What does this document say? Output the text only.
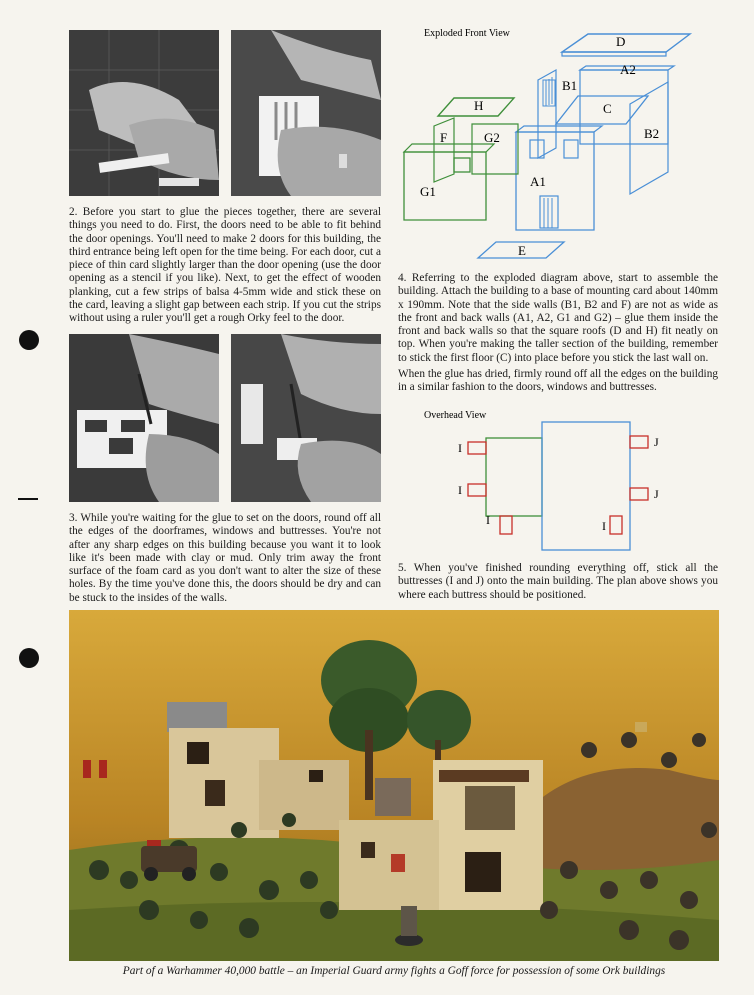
2. Before you start to glue the pieces together, there are several things you need to do. First, the doors need to be able to fit behind the door openings. You'll need to make 2 doors for this building, the third entrance being left open for the time being. For each door, cut a piece of thin card slightly larger than the door opening (use the door opening as a stencil if you like). Next, to get the effect of wooden planking, cut a few strips of balsa 4-5mm wide and stick these on the card, leaving a slight gap between each strip. If you cut the strips without using a ruler you'll get a rough Orky feel to the door.
3. While you're waiting for the glue to set on the doors, round off all the edges of the doorframes, windows and buttresses. You're not after any sharp edges on this building because you want it to look like it's been made with clay or mud. Only trim away the front surface of the foam card as you don't want to alter the size of these holes. By the time you've done this, the doors should be dry and can be stuck to the insides of the walls.
Exploded Front View
D
A2
B1
C
B2
A1
H
F	G2
G1
E
4. Referring to the exploded diagram above, start to assemble the building. Attach the building to a base of mounting card about 140mm x 190mm. Note that the side walls (B1, B2 and F) are not as wide as the front and back walls (A1, A2, G1 and G2) – glue them inside the front and back walls so that the square roofs (D and H) fit neatly on top. When you're making the taller section of the building, remember to stick the first floor (C) into place before you stick the last wall on.
When the glue has dried, firmly round off all the edges on the building in a similar fashion to the doors, windows and buttresses.
Overhead View
I
I
I	I
J
J
5. When you've finished rounding everything off, stick all the buttresses (I and J) onto the main building. The plan above shows you where each buttress should be positioned.
Part of a Warhammer 40,000 battle – an Imperial Guard army fights a Goff force for possession of some Ork buildings
